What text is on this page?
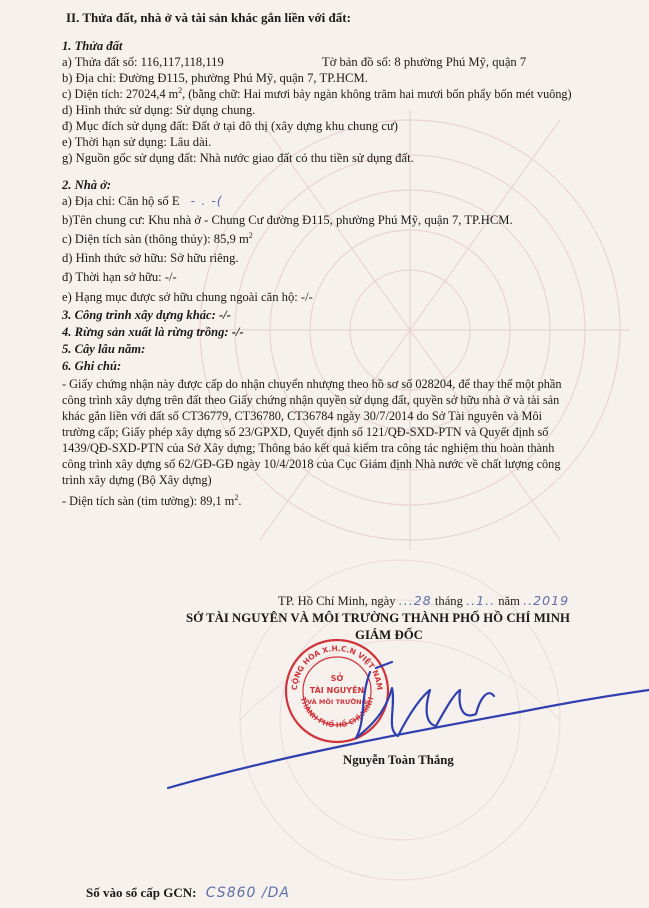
II. Thửa đất, nhà ở và tài sản khác gắn liền với đất:
1. Thửa đất
a) Thửa đất số: 116,117,118,119	Tờ bản đồ số: 8 phường Phú Mỹ, quận 7
b) Địa chỉ: Đường Đ115, phường Phú Mỹ, quận 7, TP.HCM.
c) Diện tích: 27024,4 $m^2$, (bằng chữ: Hai mươi bảy ngàn không trăm hai mươi bốn phẩy bốn mét vuông)
d) Hình thức sử dụng: Sử dụng chung.
đ) Mục đích sử dụng đất: Đất ở tại đô thị (xây dựng khu chung cư)
e) Thời hạn sử dụng: Lâu dài.
g) Nguồn gốc sử dụng đất: Nhà nước giao đất có thu tiền sử dụng đất.
2. Nhà ở:
a) Địa chỉ: Căn hộ số E - . -(
b)Tên chung cư: Khu nhà ở - Chung Cư đường Đ115, phường Phú Mỹ, quận 7, TP.HCM.
c) Diện tích sàn (thông thủy): 85,9 $m^2$
d) Hình thức sở hữu: Sở hữu riêng.
đ) Thời hạn sở hữu: -/-
e) Hạng mục được sở hữu chung ngoài căn hộ: -/-
3. Công trình xây dựng khác: -/-
4. Rừng sản xuất là rừng trồng: -/-
5. Cây lâu năm:
6. Ghi chú:
- Giấy chứng nhận này được cấp do nhận chuyển nhượng theo hồ sơ số 028204, để thay thế một phần
công trình xây dựng trên đất theo Giấy chứng nhận quyền sử dụng đất, quyền sở hữu nhà ở và tài sản
khác gắn liền với đất số CT36779, CT36780, CT36784 ngày 30/7/2014 do Sở Tài nguyên và Môi
trường cấp; Giấy phép xây dựng số 23/GPXD, Quyết định số 121/QĐ-SXD-PTN và Quyết định số
1439/QĐ-SXD-PTN của Sở Xây dựng; Thông báo kết quả kiểm tra công tác nghiệm thu hoàn thành
công trình xây dựng số 62/GĐ-GĐ ngày 10/4/2018 của Cục Giám định Nhà nước về chất lượng công
trình xây dựng (Bộ Xây dựng)
- Diện tích sàn (tim tường): 89,1 $m^2$.
TP. Hồ Chí Minh, ngày ...28 tháng ..1.. năm ..2019
SỞ TÀI NGUYÊN VÀ MÔI TRƯỜNG THÀNH PHỐ HỒ CHÍ MINH
GIÁM ĐỐC
CỘNG HÒA X.H.C.N VIỆT NAM
THÀNH PHỐ HỒ CHÍ MINH
SỞ
TÀI NGUYÊN
VÀ MÔI TRƯỜNG
Nguyễn Toàn Thắng
Số vào sổ cấp GCN: CS860 /DA
